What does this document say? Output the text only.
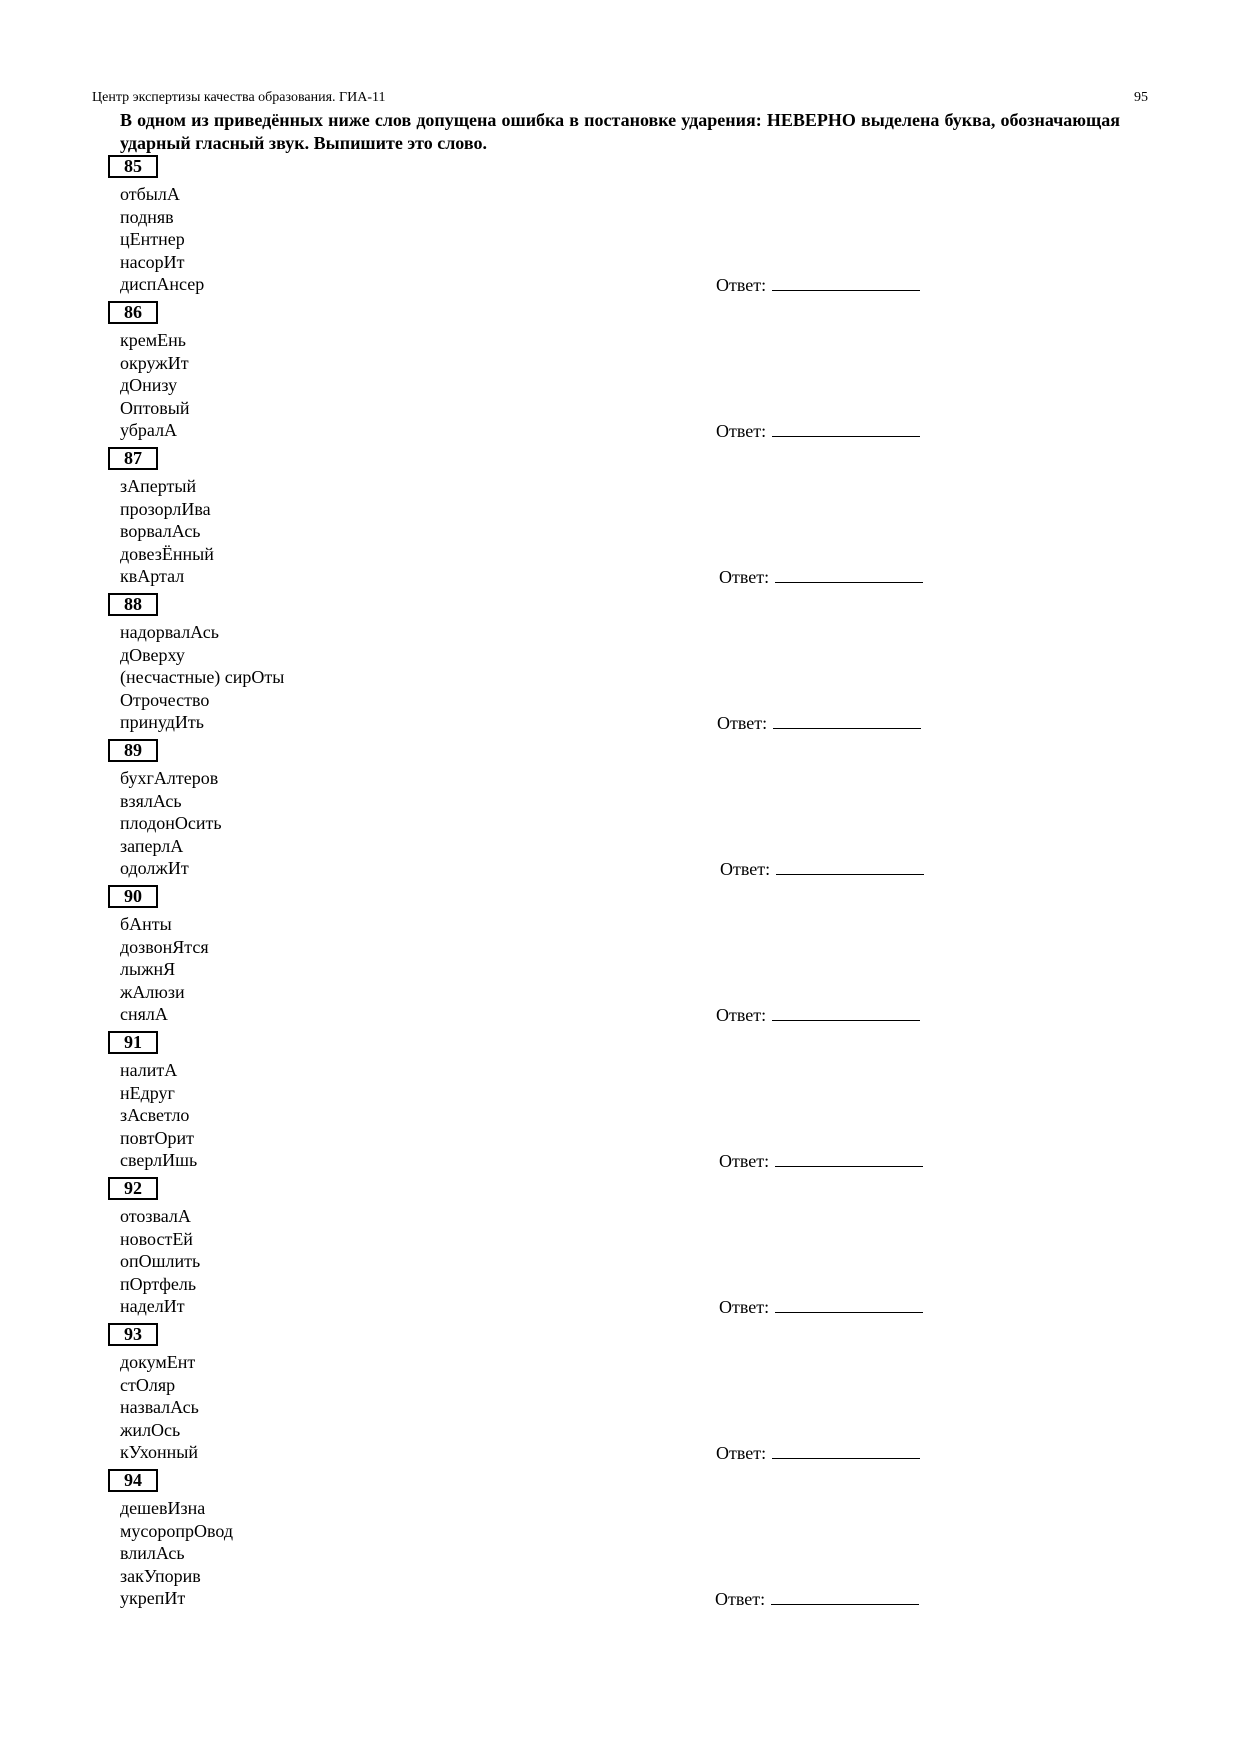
Центр экспертизы качества образования. ГИА-11	95
В одном из приведённых ниже слов допущена ошибка в постановке ударения: НЕВЕРНО выделена буква, обозначающая ударный гласный звук. Выпишите это слово.
85
отбылА
подняв
цЕнтнер
насорИт
диспАнсер	Ответ:
86
кремЕнь
окружИт
дОнизу
Оптовый
убралА	Ответ:
87
зАпертый
прозорлИва
ворвалАсь
довезЁнный
квАртал	Ответ:
88
надорвалАсь
дОверху
(несчастные) сирОты
Отрочество
принудИть	Ответ:
89
бухгАлтеров
взялАсь
плодонОсить
заперлА
одолжИт	Ответ:
90
бАнты
дозвонЯтся
лыжнЯ
жАлюзи
снялА	Ответ:
91
налитА
нЕдруг
зАсветло
повтОрит
сверлИшь	Ответ:
92
отозвалА
новостЕй
опОшлить
пОртфель
наделИт	Ответ:
93
докумЕнт
стОляр
назвалАсь
жилОсь
кУхонный	Ответ:
94
дешевИзна
мусоропрОвод
влилАсь
закУпорив
укрепИт	Ответ:
